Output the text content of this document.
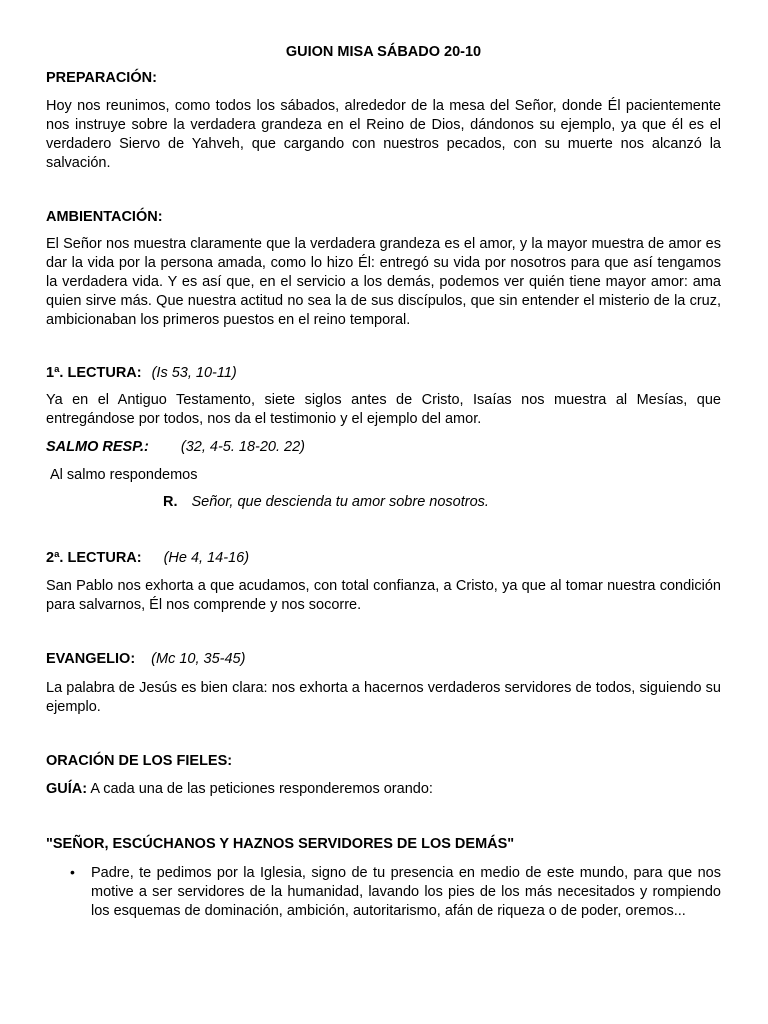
GUION MISA SÁBADO 20-10
PREPARACIÓN:
Hoy nos reunimos, como todos los sábados, alrededor de la mesa del Señor, donde Él pacientemente nos instruye sobre la verdadera grandeza en el Reino de Dios, dándonos su ejemplo, ya que él es el verdadero Siervo de Yahveh, que cargando con nuestros pecados, con su muerte nos alcanzó la salvación.
AMBIENTACIÓN:
El Señor nos muestra claramente que la verdadera grandeza es el amor, y la mayor muestra de amor es dar la vida por la persona amada, como lo hizo Él: entregó su vida por nosotros para que así tengamos la verdadera vida. Y es así que, en el servicio a los demás, podemos ver quién tiene mayor amor: ama quien sirve más. Que nuestra actitud no sea la de sus discípulos, que sin entender el misterio de la cruz, ambicionaban los primeros puestos en el reino temporal.
1ª. LECTURA: (Is 53, 10-11)
Ya en el Antiguo Testamento, siete siglos antes de Cristo, Isaías nos muestra al Mesías, que entregándose por todos, nos da el testimonio y el ejemplo del amor.
SALMO RESP.: (32, 4-5. 18-20. 22)
Al salmo respondemos
R. Señor, que descienda tu amor sobre nosotros.
2ª. LECTURA: (He 4, 14-16)
San Pablo nos exhorta a que acudamos, con total confianza, a Cristo, ya que al tomar nuestra condición para salvarnos, Él nos comprende y nos socorre.
EVANGELIO: (Mc 10, 35-45)
La palabra de Jesús es bien clara: nos exhorta a hacernos verdaderos servidores de todos, siguiendo su ejemplo.
ORACIÓN DE LOS FIELES:
GUÍA: A cada una de las peticiones responderemos orando:
"SEÑOR, ESCÚCHANOS Y HAZNOS SERVIDORES DE LOS DEMÁS"
• Padre, te pedimos por la Iglesia, signo de tu presencia en medio de este mundo, para que nos motive a ser servidores de la humanidad, lavando los pies de los más necesitados y rompiendo los esquemas de dominación, ambición, autoritarismo, afán de riqueza o de poder, oremos...
